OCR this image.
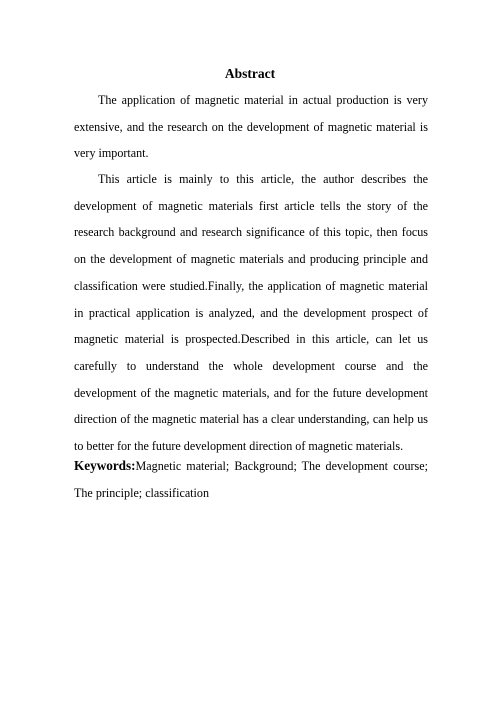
Abstract

The application of magnetic material in actual production is very extensive, and the research on the development of magnetic material is very important.

This article is mainly to this article, the author describes the development of magnetic materials first article tells the story of the research background and research significance of this topic, then focus on the development of magnetic materials and producing principle and classification were studied.Finally, the application of magnetic material in practical application is analyzed, and the development prospect of magnetic material is prospected.Described in this article, can let us carefully to understand the whole development course and the development of the magnetic materials, and for the future development direction of the magnetic material has a clear understanding, can help us to better for the future development direction of magnetic materials.

Keywords:Magnetic material; Background; The development course; The principle; classification
